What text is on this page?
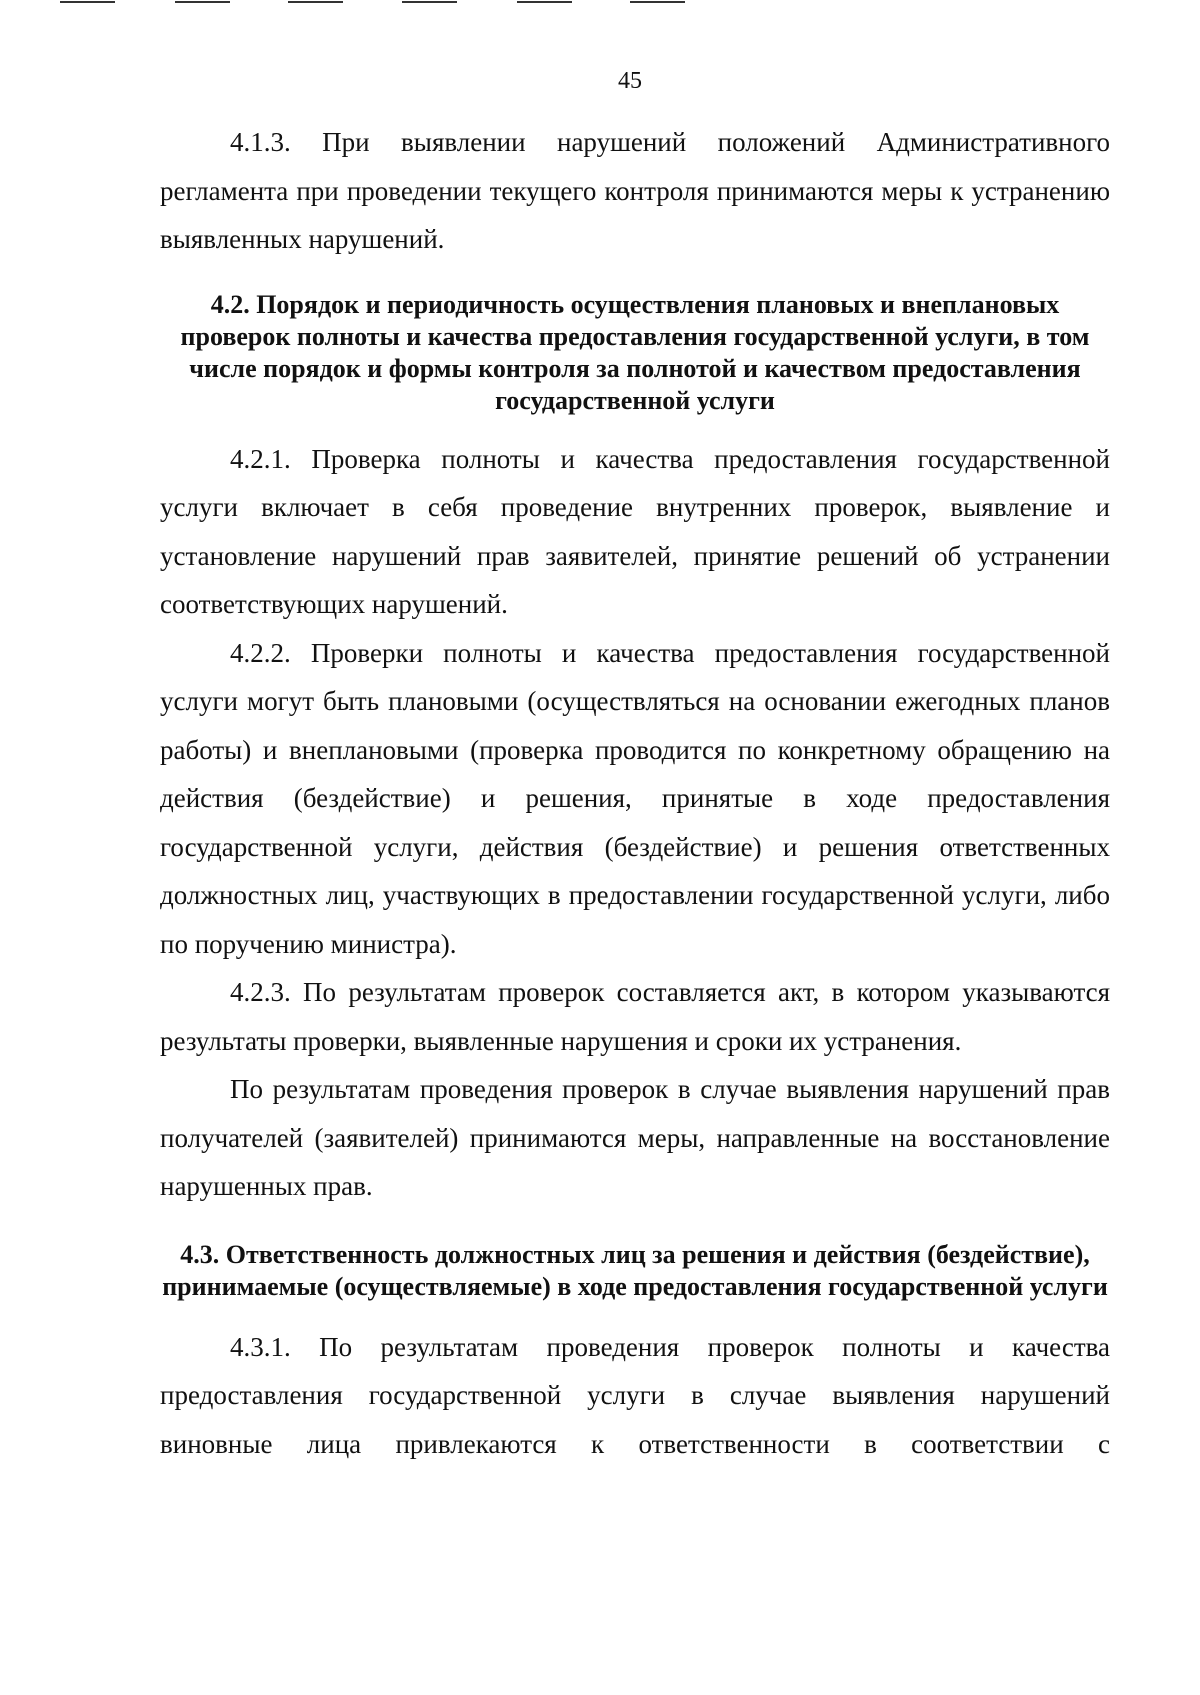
45

4.1.3. При выявлении нарушений положений Административного регламента при проведении текущего контроля принимаются меры к устранению выявленных нарушений.

4.2. Порядок и периодичность осуществления плановых и внеплановых проверок полноты и качества предоставления государственной услуги, в том числе порядок и формы контроля за полнотой и качеством предоставления государственной услуги

4.2.1. Проверка полноты и качества предоставления государственной услуги включает в себя проведение внутренних проверок, выявление и установление нарушений прав заявителей, принятие решений об устранении соответствующих нарушений.

4.2.2. Проверки полноты и качества предоставления государственной услуги могут быть плановыми (осуществляться на основании ежегодных планов работы) и внеплановыми (проверка проводится по конкретному обращению на действия (бездействие) и решения, принятые в ходе предоставления государственной услуги, действия (бездействие) и решения ответственных должностных лиц, участвующих в предоставлении государственной услуги, либо по поручению министра).

4.2.3. По результатам проверок составляется акт, в котором указываются результаты проверки, выявленные нарушения и сроки их устранения.

По результатам проведения проверок в случае выявления нарушений прав получателей (заявителей) принимаются меры, направленные на восстановление нарушенных прав.

4.3. Ответственность должностных лиц за решения и действия (бездействие), принимаемые (осуществляемые) в ходе предоставления государственной услуги

4.3.1. По результатам проведения проверок полноты и качества предоставления государственной услуги в случае выявления нарушений виновные лица привлекаются к ответственности в соответствии с
